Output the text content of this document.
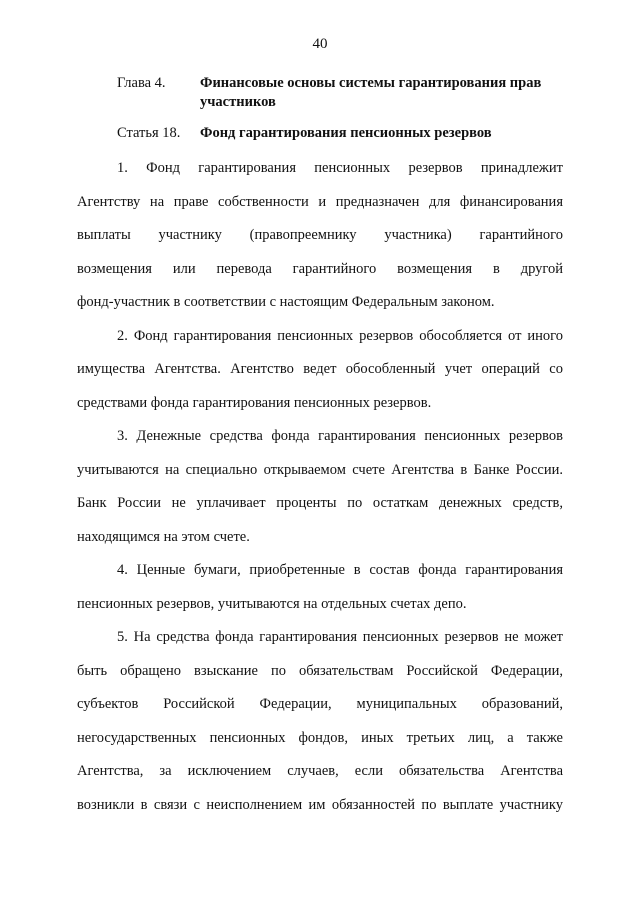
40
Глава 4. Финансовые основы системы гарантирования прав участников
Статья 18. Фонд гарантирования пенсионных резервов

1. Фонд гарантирования пенсионных резервов принадлежит
Агентству на праве собственности и предназначен для финансирования
выплаты участнику (правопреемнику участника) гарантийного
возмещения или перевода гарантийного возмещения в другой
фонд-участник в соответствии с настоящим Федеральным законом.

2. Фонд гарантирования пенсионных резервов обособляется от иного
имущества Агентства. Агентство ведет обособленный учет операций со
средствами фонда гарантирования пенсионных резервов.

3. Денежные средства фонда гарантирования пенсионных резервов
учитываются на специально открываемом счете Агентства в Банке России.
Банк России не уплачивает проценты по остаткам денежных средств,
находящимся на этом счете.

4. Ценные бумаги, приобретенные в состав фонда гарантирования
пенсионных резервов, учитываются на отдельных счетах депо.

5. На средства фонда гарантирования пенсионных резервов не может
быть обращено взыскание по обязательствам Российской Федерации,
субъектов Российской Федерации, муниципальных образований,
негосударственных пенсионных фондов, иных третьих лиц, а также
Агентства, за исключением случаев, если обязательства Агентства
возникли в связи с неисполнением им обязанностей по выплате участнику
